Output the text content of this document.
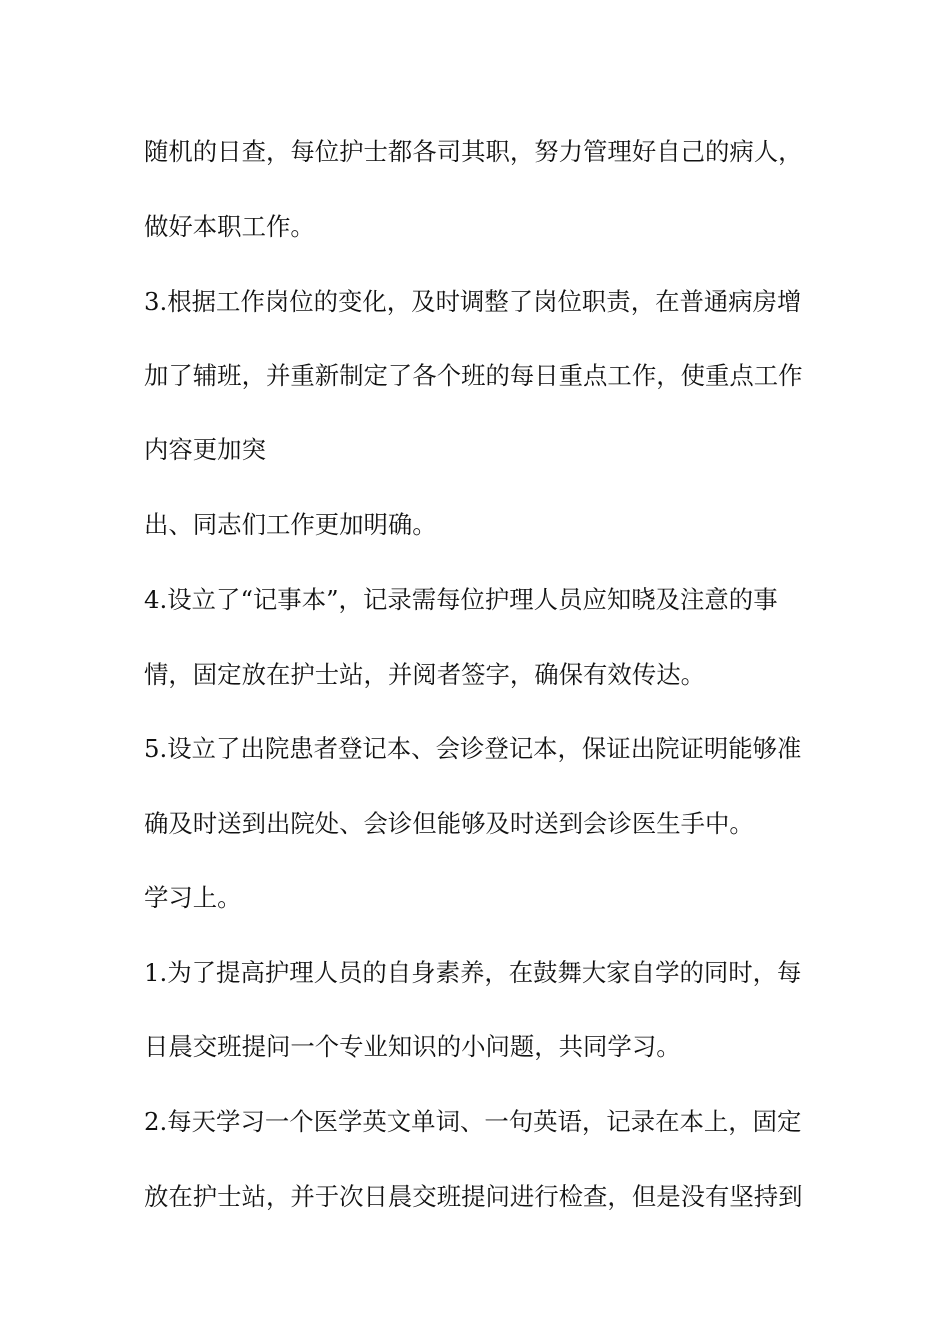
随机的日查，每位护士都各司其职，努力管理好自己的病人，

做好本职工作。

3.根据工作岗位的变化，及时调整了岗位职责，在普通病房增

加了辅班，并重新制定了各个班的每日重点工作，使重点工作

内容更加突

出、同志们工作更加明确。

4.设立了“记事本”，记录需每位护理人员应知晓及注意的事

情，固定放在护士站，并阅者签字，确保有效传达。

5.设立了出院患者登记本、会诊登记本，保证出院证明能够准

确及时送到出院处、会诊但能够及时送到会诊医生手中。

学习上。

1.为了提高护理人员的自身素养，在鼓舞大家自学的同时，每

日晨交班提问一个专业知识的小问题，共同学习。

2.每天学习一个医学英文单词、一句英语，记录在本上，固定

放在护士站，并于次日晨交班提问进行检查，但是没有坚持到
